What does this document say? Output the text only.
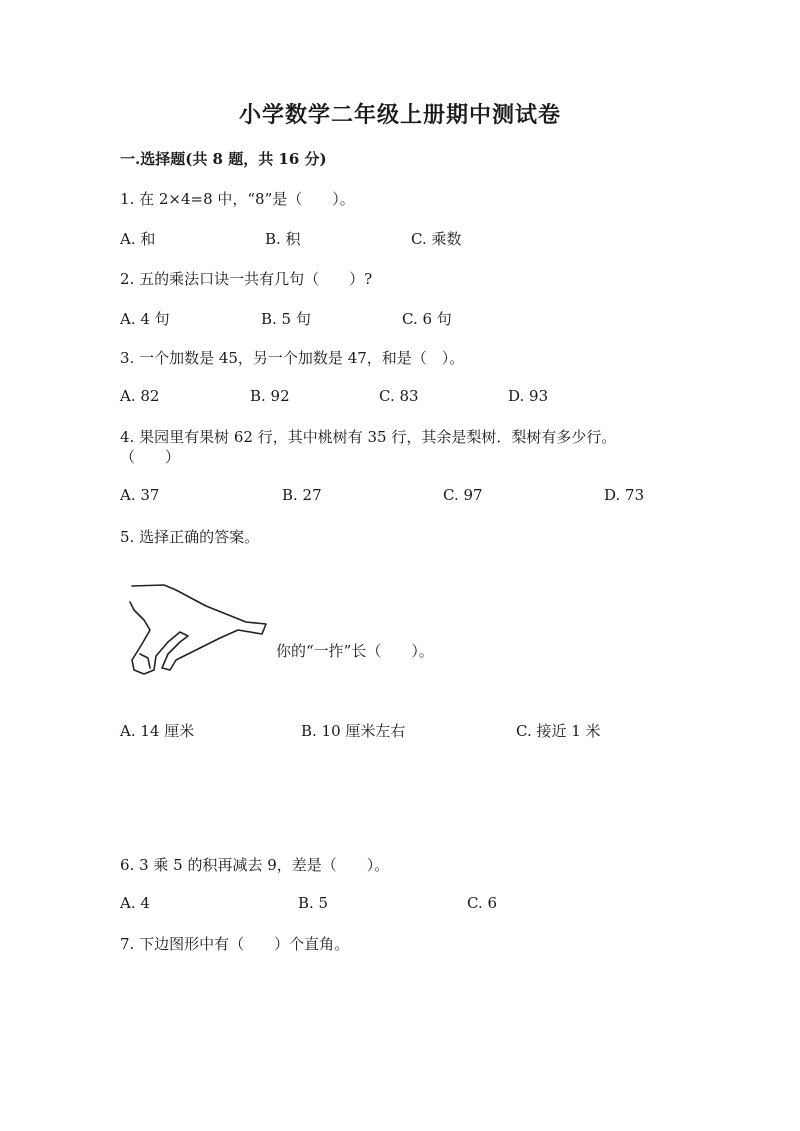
小学数学二年级上册期中测试卷
一.选择题(共 8 题，共 16 分)
1. 在 2×4=8 中，“8”是（　　）。
A. 和	B. 积	C. 乘数
2. 五的乘法口诀一共有几句（　　）?
A. 4 句	B. 5 句	C. 6 句
3. 一个加数是 45，另一个加数是 47，和是（　）。
A. 82	B. 92	C. 83	D. 93
4. 果园里有果树 62 行，其中桃树有 35 行，其余是梨树．梨树有多少行。
（　　）
A. 37	B. 27	C. 97	D. 73
5. 选择正确的答案。
你的“一拃”长（　　）。
A. 14 厘米	B. 10 厘米左右	C. 接近 1 米
6. 3 乘 5 的积再减去 9，差是（　　）。
A. 4	B. 5	C. 6
7. 下边图形中有（　　）个直角。
